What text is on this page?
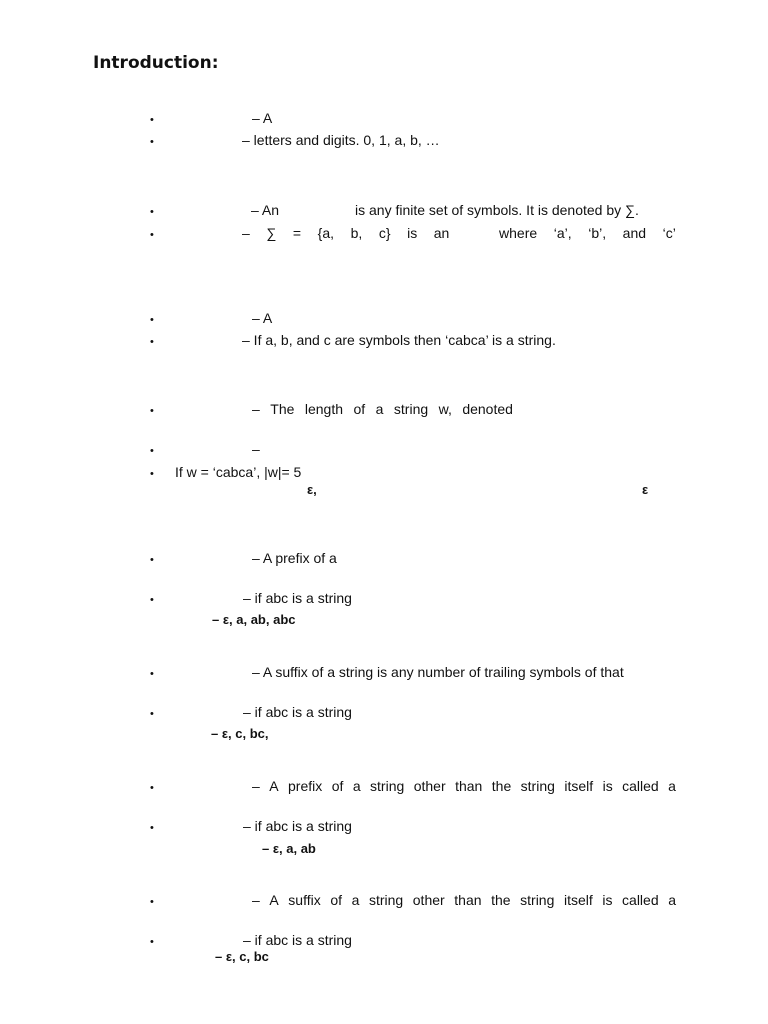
Introduction:
•
•
•
•
•
•
•
•
•
•
•
•
•
•
•
•
•
– A
– letters and digits. 0, 1, a, b, …
– An	is any finite set of symbols. It is denoted by ∑.
– ∑ = {a, b, c} is an	where ‘a’, ‘b’, and ‘c’
– A
– If a, b, and c are symbols then ‘cabca’ is a string.
– The length of a string w, denoted
–
If w = ‘cabca’, |w|= 5
ε,	ε
– A prefix of a
– if abc is a string
– ε, a, ab, abc
– A suffix of a string is any number of trailing symbols of that
– if abc is a string
– ε, c, bc,
– A prefix of a string other than the string itself is called a
– if abc is a string
– ε, a, ab
– A suffix of a string other than the string itself is called a
– if abc is a string
– ε, c, bc
